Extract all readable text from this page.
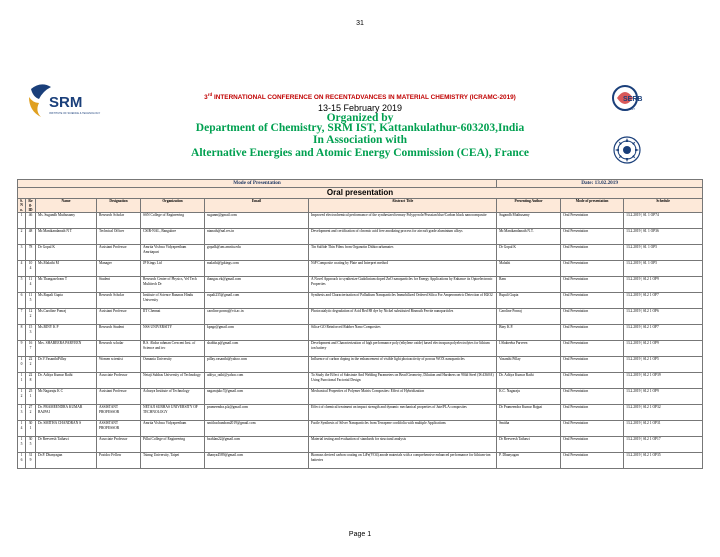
31
SRM
INSTITUTE OF SCIENCE & TECHNOLOGY
SERB
DST
3rd INTERNATIONAL CONFERENCE ON RECENTADVANCES IN MATERIAL CHEMISTRY (ICRAMC-2019)
13-15 February 2019
Organized by
Department of Chemistry, SRM IST, Kattankulathur-603203,India
In Association with
Alternative Energies and Atomic Energy Commission (CEA), France
Mode of Presentation							Date: 13.02.2019		
Oral presentation									
S. No.	Reg. ID	Name	Designation	Organization	Email	Abstract Title	Presenting Author	Mode of presentation	Schedule
1	46	Ms. Sugandh Muthusamy	Research Scholar	SSN College of Engineering	suganm@gmail.com	Improved electrochemical performance of the synthesized ternary Polypyrrole/Prussian blue/Carbon black nanocomposite	Sugandh Muthusamy	Oral Presentation	13.2.2019 | SI. 1 OP74
2	48	Mr.Manikandanath N T	Technical Officer	CSIR-NAL, Bangalore	ntanath@nal.res.in	Development and certification of chromic acid free anodizing process for aircraft grade aluminium alloys	Mr.Manikandanath N.T.	Oral Presentation	13.2.2019 | SI. 1 OP36
3	78	Dr Gopal K	Assistant Professor	Amrita Vishwa Vidyapeetham Amritapuri	gopalk@am.amrita.edu	Tin Sulfide Thin Films from Organotin Dithiocarbamates	Dr Gopal K	Oral Presentation	13.2.2019 | SI. 1 OP5
4	104	Ms.Malathi M	Manager	JP Kings Ltd	malathi@jpkings.com	NiP Composite coating by Plate and Interpret method	Malathi	Oral Presentation	13.2.2019 | SI. 1 OP5
5	114	Mr.Thangaselvam T	Student	Research Center of Physics, Vel Tech Multitech Dr	thangas.vk@gmail.com	A Novel Approach to synthesize Gadolinium doped ZnO nanoparticles for Energy Applications by Enhance its Optoelectronic Properties	Ram	Oral Presentation	13.2.2019 | SI.2 1 OP9
6	115	Ms.Rupali Gupta	Research Scholar	Institute of Science Banaras Hindu University	rupali235@gmail.com	Synthesis and Characterization of Palladium Nanoparticles Immobilized Ordered Silica For Amperometric Detection of H2O2	Rupali Gupta	Oral Presentation	13.2.2019 | SI.2 1 OP7
7	122	Ms.Caroline Ponraj	Assistant Professor	IIT Chennai	caroline.ponraj@vit.ac.in	Photocatalytic degradation of Acid Red 88 dye by Nickel substituted Bismuth Ferrite nanoparticles	Caroline Ponraj	Oral Presentation	13.2.2019 | SI.2 1 OP6
8	153	Ms.BINY K P	Research Student	NSS UNIVERSITY	kpngr@gmail.com	Silica-GO Reinforced Rubber Nano Composites	Biny K.P.	Oral Presentation	13.2.2019 | SI.2 1 OP7
9	167	Mrs. SHABEERA PARVEEN	Research scholar	B.S. Abdur rahman Crescent Inst. of Science and tec	shabba.p@gmail.com	Development and Characterization of high performance poly (ethylene oxide) based electrospun polyelectrolytes for lithium ion battery	I.Shabeeba Parveen	Oral Presentation	13.2.2019 | SI.2 1 OP9
10	222	Dr.V.VasanthiPillay	Women scientist	Osmania University	pillay.vasanthi@yahoo.com	Influence of carbon doping in the enhancement of visible light photoactivity of porous WOX nanoparticles	Vasanthi Pillay	Oral Presentation	13.2.2019 | SI.2 1 OP5
11	228	Dr. Aditya Kumar Rathi	Associate Professor	Netaji Subhas University of Technology	aditya_rathi@yahoo.com	To Study the Effect of Substrate And Welding Parameters on Bead Geometry, Dilution and Hardness on 904d Steel (IS:4360A) Using Functional Factorial Design	Dr. Aditya Kumar Rathi	Oral Presentation	13.2.2019 | SI.2 1 OP39
12	251	Mr.Nagaraju K C	Assistant Professor	Acharya Institute of Technology	nagarajukc7@gmail.com	Mechanical Properties of Polymer Matrix Composites: Effect of Hybridization	K.C. Nagaraju	Oral Presentation	13.2.2019 | SI.2 1 OP9
13	272	Dr. PRAMEENDRA KUMAR BAJPAI	ASSISTANT PROFESSOR	NETAJI SUBHAS UNIVERSITY OF TECHNOLOGY	prameendra.p.k@gmail.com	Effect of chemical treatment on impact strength and dynamic mechanical properties of Jute/PLA composites	Dr Prameendra Kumar Bajpai	Oral Presentation	13.2.2019 | SI.2 1 OP32
14	301	Dr. SMITHA CHANDRAN S	ASSISTANT PROFESSOR	Amrita Vishwa Vidyapeetham	smithachandran2019@gmail.com	Facile Synthesis of Silver Nanoparticles from Terrapene cordifolia with multiple Applications	Smitha	Oral Presentation	13.2.2019 | SI.2 1 OP31
15	305	Dr Reeveesh Tathawi	Associate Professor	Pillai College of Engineering	bsahlan22@gmail.com	Material testing and evaluation of standards for structural analysis	Dr Reeveesh Tathawi	Oral Presentation	13.2.2019 | SI.2 1 OP17
16	319	Dr.P. Dhanyagan	Postdoc Fellow	Tsinng University, Taipei	dhanya4589@gmail.com	Biomass derived carbon coating on LiFe(VO4) anode materials with a comprehensive enhanced performance for lithium-ion batteries	P. Dhanyagan	Oral Presentation	13.2.2019 | SI.2 1 OP35
Page 1
